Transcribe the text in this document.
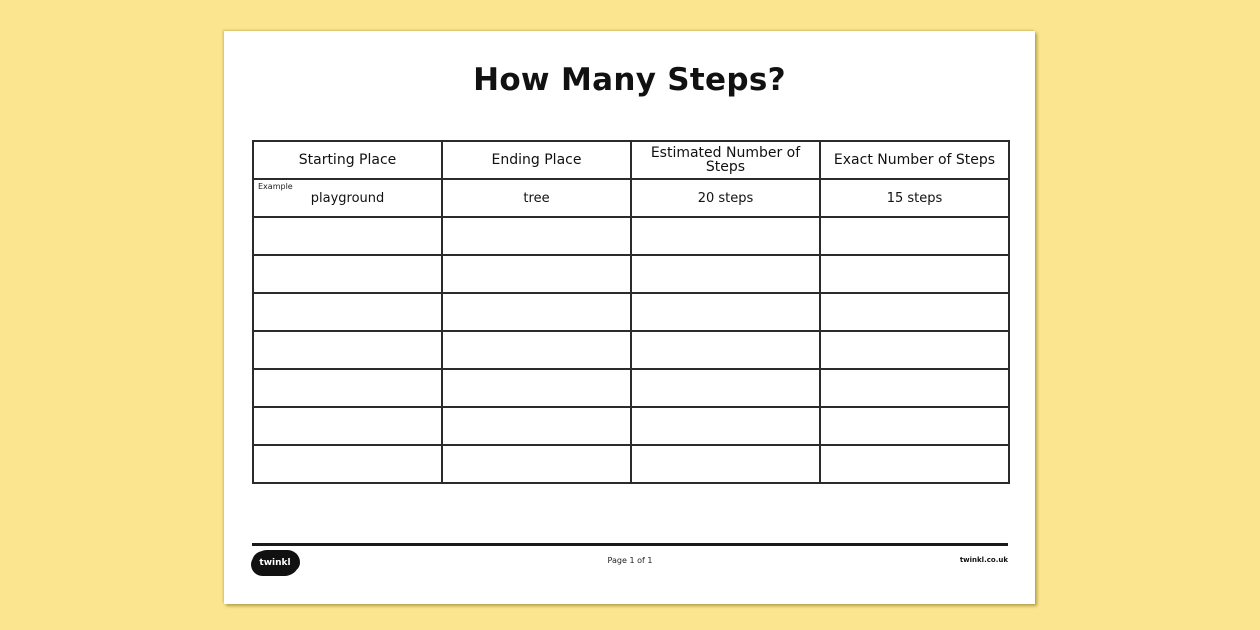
How Many Steps?
Starting Place	Ending Place	Estimated Number of Steps	Exact Number of Steps

Example
playground	tree	20 steps	15 steps

twinkl	Page 1 of 1	twinkl.co.uk
